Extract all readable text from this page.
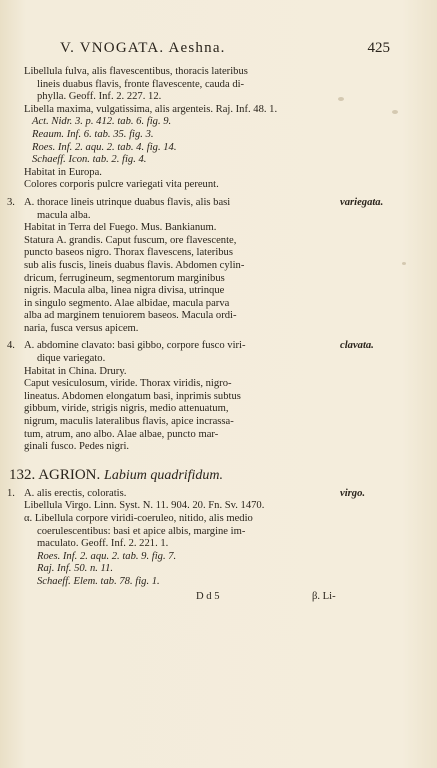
V. VNOGATA. Aeshna.	425
Libellula fulva, alis flavescentibus, thoracis lateribus
lineis duabus flavis, fronte flavescente, cauda di-
phylla. Geoff. Inf. 2. 227. 12.
Libella maxima, vulgatissima, alis argenteis. Raj. Inf. 48. 1.
Act. Nidr. 3. p. 412. tab. 6. fig. 9.
Reaum. Inf. 6. tab. 35. fig. 3.
Roes. Inf. 2. aqu. 2. tab. 4. fig. 14.
Schaeff. Icon. tab. 2. fig. 4.
Habitat in Europa.
Colores corporis pulcre variegati vita pereunt.
3. A. thorace lineis utrinque duabus flavis, alis basi	variegata.
macula alba.
Habitat in Terra del Fuego. Mus. Bankianum.
Statura A. grandis. Caput fuscum, ore flavescente,
puncto baseos nigro. Thorax flavescens, lateribus
sub alis fuscis, lineis duabus flavis. Abdomen cylin-
dricum, ferrugineum, segmentorum marginibus
nigris. Macula alba, linea nigra divisa, utrinque
in singulo segmento. Alae albidae, macula parva
alba ad marginem tenuiorem baseos. Macula ordi-
naria, fusca versus apicem.
4. A. abdomine clavato: basi gibbo, corpore fusco viri-	clavata.
dique variegato.
Habitat in China. Drury.
Caput vesiculosum, viride. Thorax viridis, nigro-
lineatus. Abdomen elongatum basi, inprimis subtus
gibbum, viride, strigis nigris, medio attenuatum,
nigrum, maculis lateralibus flavis, apice incrassa-
tum, atrum, ano albo. Alae albae, puncto mar-
ginali fusco. Pedes nigri.
132. AGRION. Labium quadrifidum.
1. A. alis erectis, coloratis.	virgo.
Libellula Virgo. Linn. Syst. N. 11. 904. 20. Fn. Sv. 1470.
α. Libellula corpore viridi-coeruleo, nitido, alis medio
coerulescentibus: basi et apice albis, margine im-
maculato. Geoff. Inf. 2. 221. 1.
Roes. Inf. 2. aqu. 2. tab. 9. fig. 7.
Raj. Inf. 50. n. 11.
Schaeff. Elem. tab. 78. fig. 1.
D d 5	β. Li-
